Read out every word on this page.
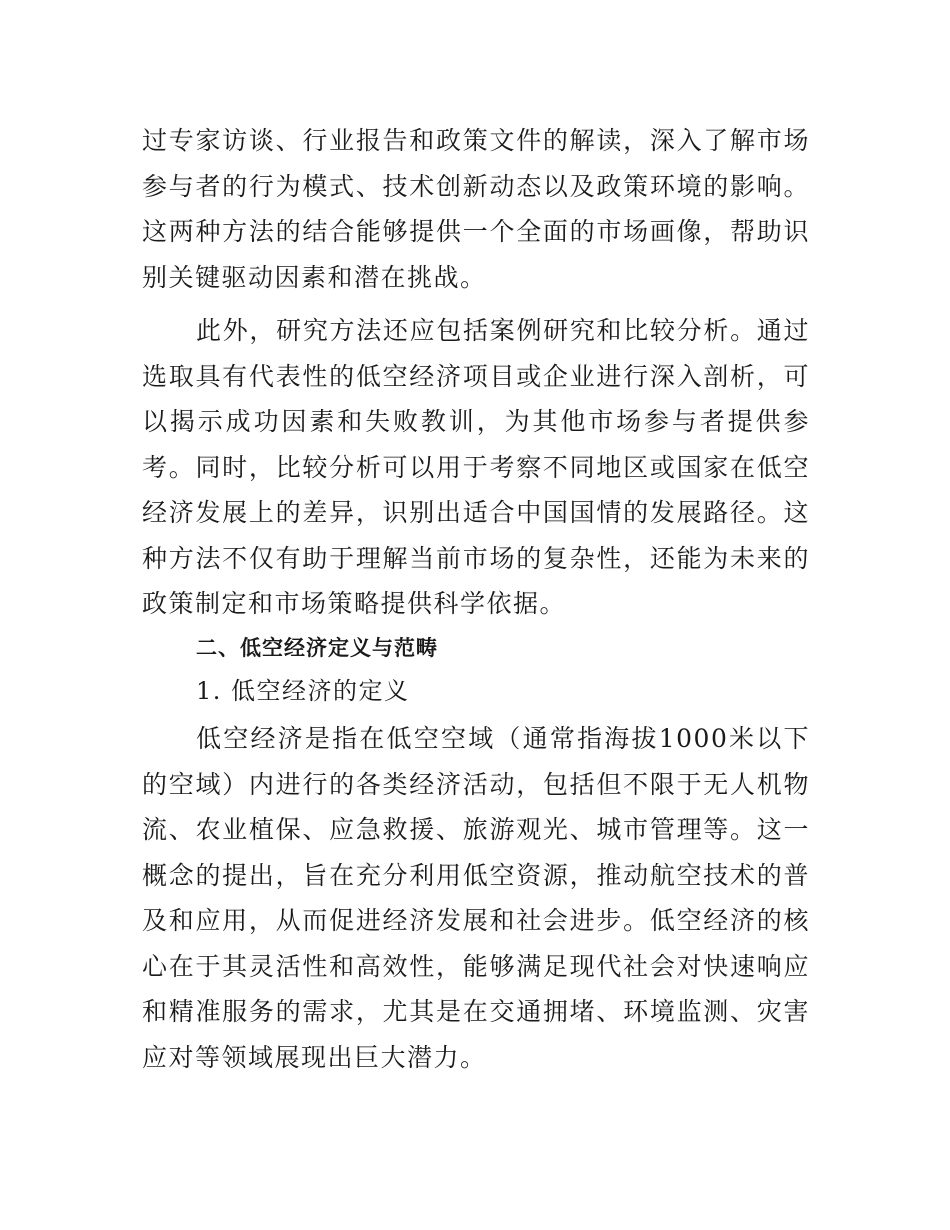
过专家访谈、行业报告和政策文件的解读，深入了解市场参与者的行为模式、技术创新动态以及政策环境的影响。这两种方法的结合能够提供一个全面的市场画像，帮助识别关键驱动因素和潜在挑战。

此外，研究方法还应包括案例研究和比较分析。通过选取具有代表性的低空经济项目或企业进行深入剖析，可以揭示成功因素和失败教训，为其他市场参与者提供参考。同时，比较分析可以用于考察不同地区或国家在低空经济发展上的差异，识别出适合中国国情的发展路径。这种方法不仅有助于理解当前市场的复杂性，还能为未来的政策制定和市场策略提供科学依据。

二、低空经济定义与范畴
1. 低空经济的定义

低空经济是指在低空空域（通常指海拔1000米以下的空域）内进行的各类经济活动，包括但不限于无人机物流、农业植保、应急救援、旅游观光、城市管理等。这一概念的提出，旨在充分利用低空资源，推动航空技术的普及和应用，从而促进经济发展和社会进步。低空经济的核心在于其灵活性和高效性，能够满足现代社会对快速响应和精准服务的需求，尤其是在交通拥堵、环境监测、灾害应对等领域展现出巨大潜力。
